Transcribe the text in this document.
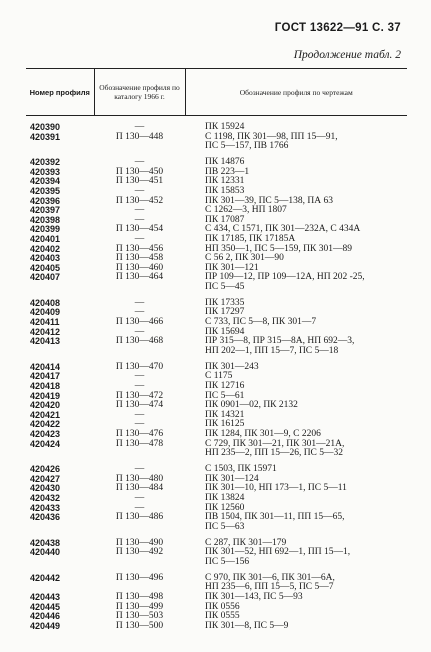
ГОСТ 13622—91 С. 37
Продолжение табл. 2
Номер профиля	Обозначение профиля по каталогу 1966 г.	Обозначение профиля по чертежам
420390	—	ПК 15924
420391	П 130—448	С 1198, ПК 301—98, ПП 15—91,
		ПС 5—157, ПВ 1766
420392	—	ПК 14876
420393	П 130—450	ПВ 223—1
420394	П 130—451	ПК 12331
420395	—	ПК 15853
420396	П 130—452	ПК 301—39, ПС 5—138, ПА 63
420397	—	С 1262—3, НП 1807
420398	—	ПК 17087
420399	П 130—454	С 434, С 1571, ПК 301—232А, С 434А
420401	—	ПК 17185, ПК 17185А
420402	П 130—456	НП 350—1, ПС 5—159, ПК 301—89
420403	П 130—458	С 56 2, ПК 301—90
420405	П 130—460	ПК 301—121
420407	П 130—464	ПР 109—12, ПР 109—12А, НП 202 -25,
		ПС 5—45
420408	—	ПК 17335
420409	—	ПК 17297
420411	П 130—466	С 733, ПС 5—8, ПК 301—7
420412	—	ПК 15694
420413	П 130—468	ПР 315—8, ПР 315—8А, НП 692—3,
		НП 202—1, ПП 15—7, ПС 5—18
420414	П 130—470	ПК 301—243
420417	—	С 1175
420418	—	ПК 12716
420419	П 130—472	ПС 5—61
420420	П 130—474	ПК 0901—02, ПК 2132
420421	—	ПК 14321
420422	—	ПК 16125
420423	П 130—476	ПК 1284, ПК 301—9, С 2206
420424	П 130—478	С 729, ПК 301—21, ПК 301—21А,
		НП 235—2, ПП 15—26, ПС 5—32
420426	—	С 1503, ПК 15971
420427	П 130—480	ПК 301—124
420430	П 130—484	ПК 301—10, НП 173—1, ПС 5—11
420432	—	ПК 13824
420433	—	ПК 12560
420436	П 130—486	ПВ 1504, ПК 301—11, ПП 15—65,
		ПС 5—63
420438	П 130—490	С 287, ПК 301—179
420440	П 130—492	ПК 301—52, НП 692—1, ПП 15—1,
		ПС 5—156
420442	П 130—496	С 970, ПК 301—6, ПК 301—6А,
		НП 235—6, ПП 15—5, ПС 5—7
420443	П 130—498	ПК 301—143, ПС 5—93
420445	П 130—499	ПК 0556
420446	П 130—503	ПК 0555
420449	П 130—500	ПК 301—8, ПС 5—9
